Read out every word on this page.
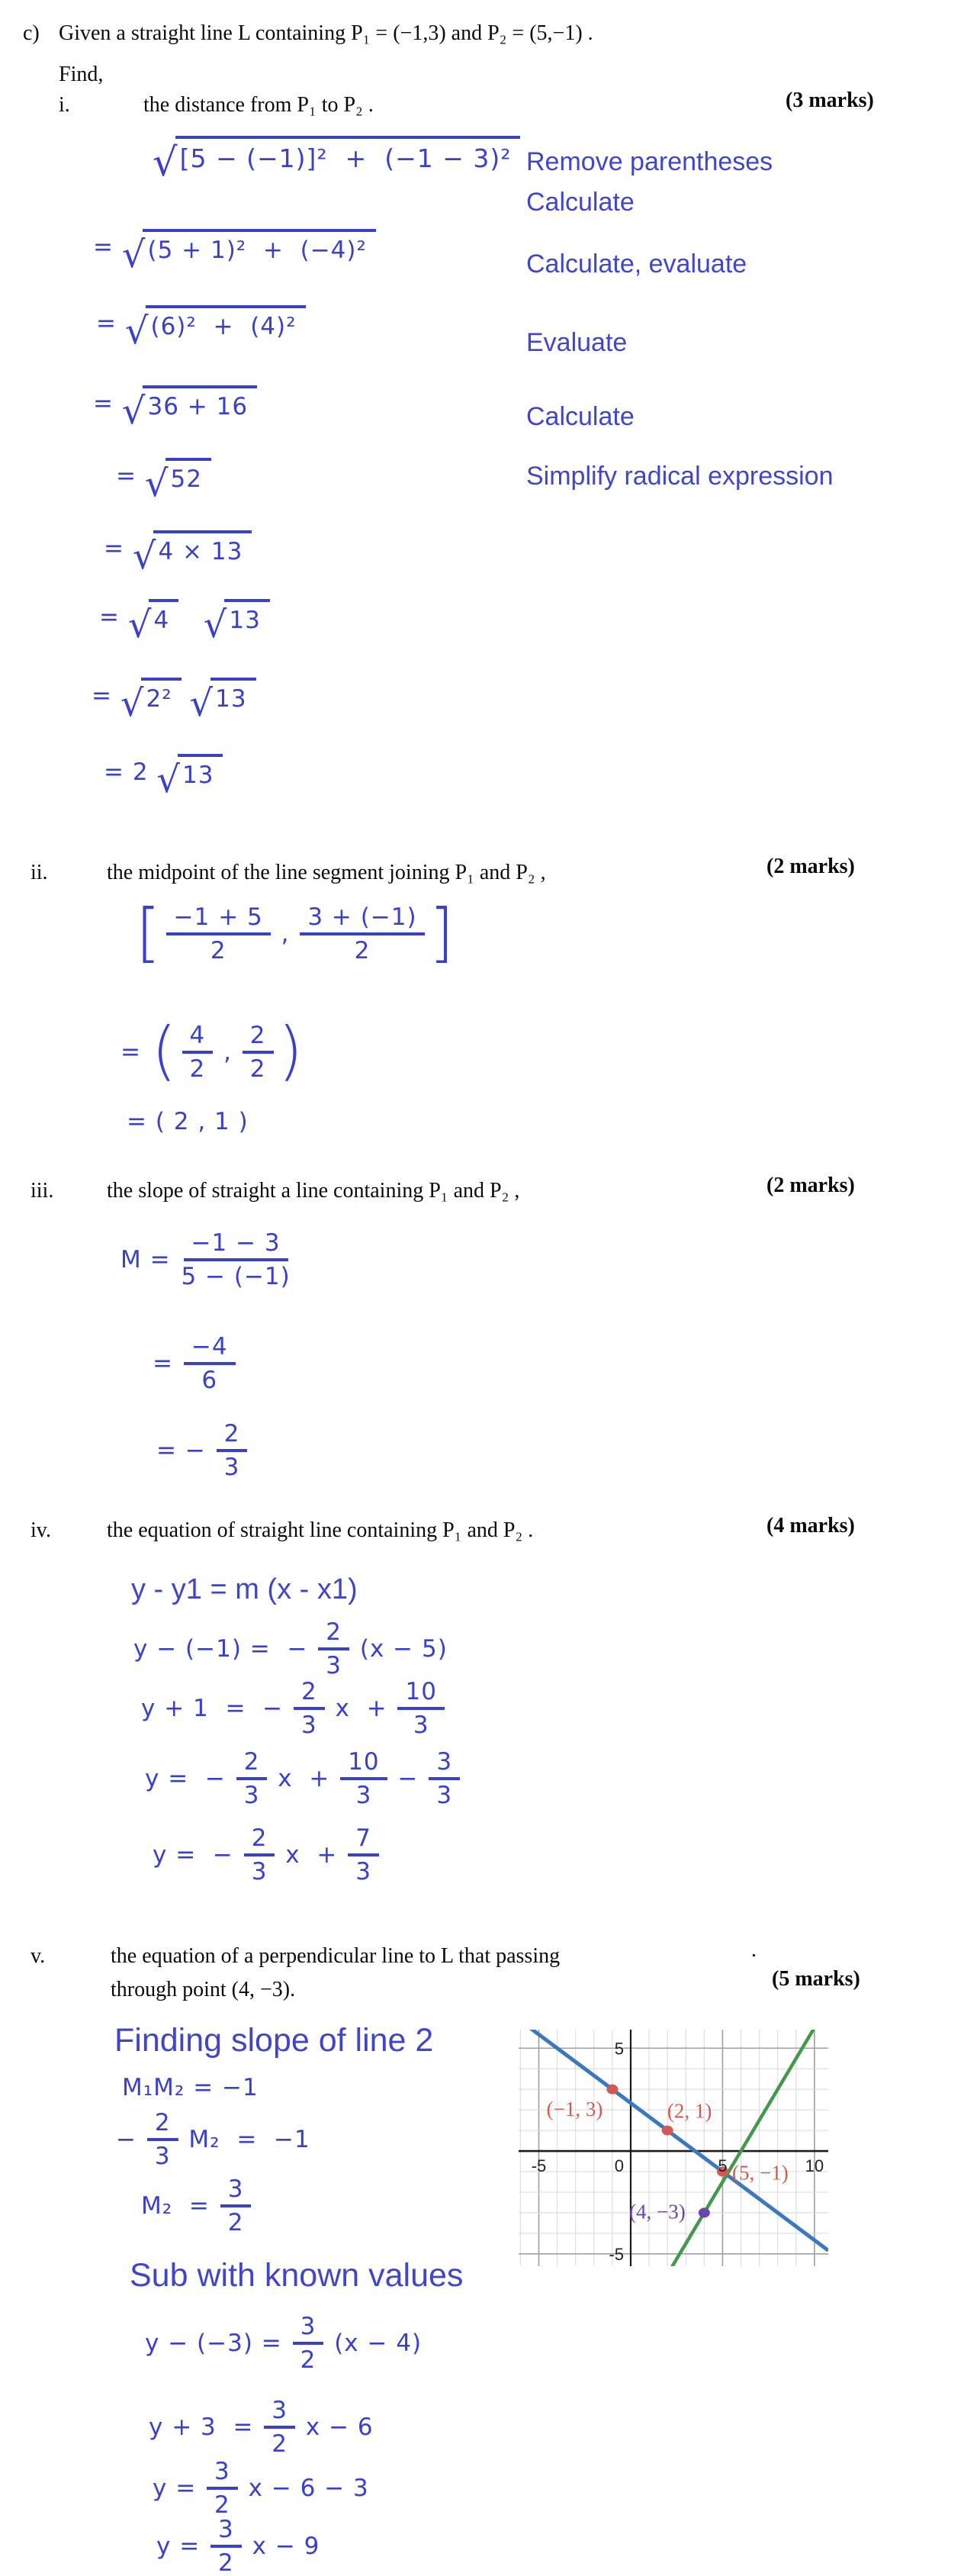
c) Given a straight line L containing P₁ = (−1,3) and P₂ = (5,−1) .
Find,
i.	the distance from P₁ to P₂ .	(3 marks)
√ [5 − (−1)]²  +  (−1 − 3)²
= √ (5 + 1)²  +  (−4)²
= √ (6)²  +  (4)²
= √ 36 + 16
= √ 52
= √ 4 × 13
= √ 4
√ 13
= √ 2²
√ 13
= 2 √ 13
Remove parentheses
Calculate
Calculate, evaluate
Evaluate
Calculate
Simplify radical expression
ii.	the midpoint of the line segment joining P₁ and P₂ ,	(2 marks)
[ $\frac{-1 + 5}{2}$ , $\frac{3 + (-1)}{2}$ ]
= ( $\frac{4}{2}$ , $\frac{2}{2}$ )
= ( 2 , 1 )
iii. the slope of straight a line containing P₁ and P₂ ,	(2 marks)
$M = \frac{-1 - 3}{5 - (-1)}$
= $\frac{-4}{6}$
= − $\frac{2}{3}$
iv.	the equation of straight line containing P₁ and P₂ .	(4 marks)
y - y1 = m (x - x1)
y − (−1) =  − $\frac{2}{3} (x - 5)$
y + 1  =  − $\frac{2}{3}$ $x + \frac{10}{3}$
y =  − $\frac{2}{3}$ $x + \frac{10}{3} - \frac{3}{3}$
y =  − $\frac{2}{3}$ $x + \frac{7}{3}$
v.	the equation of a perpendicular line to L that passing
through point (4, −3).
.
(5 marks)
Finding slope of line 2
M₁M₂ = −1
− $\frac{2}{3} M_2 = -1$
$M_2 = \frac{3}{2}$
Sub with known values
$y - (-3) = \frac{3}{2} (x - 4)$
$y + 3 = \frac{3}{2}$ x − 6
$y = \frac{3}{2}$ x − 6 − 3
$y = \frac{3}{2}$ x − 9
(−1, 3)	(2, 1)
(5, −1)
(4, −3)
-5	0	5	10
5
-5
